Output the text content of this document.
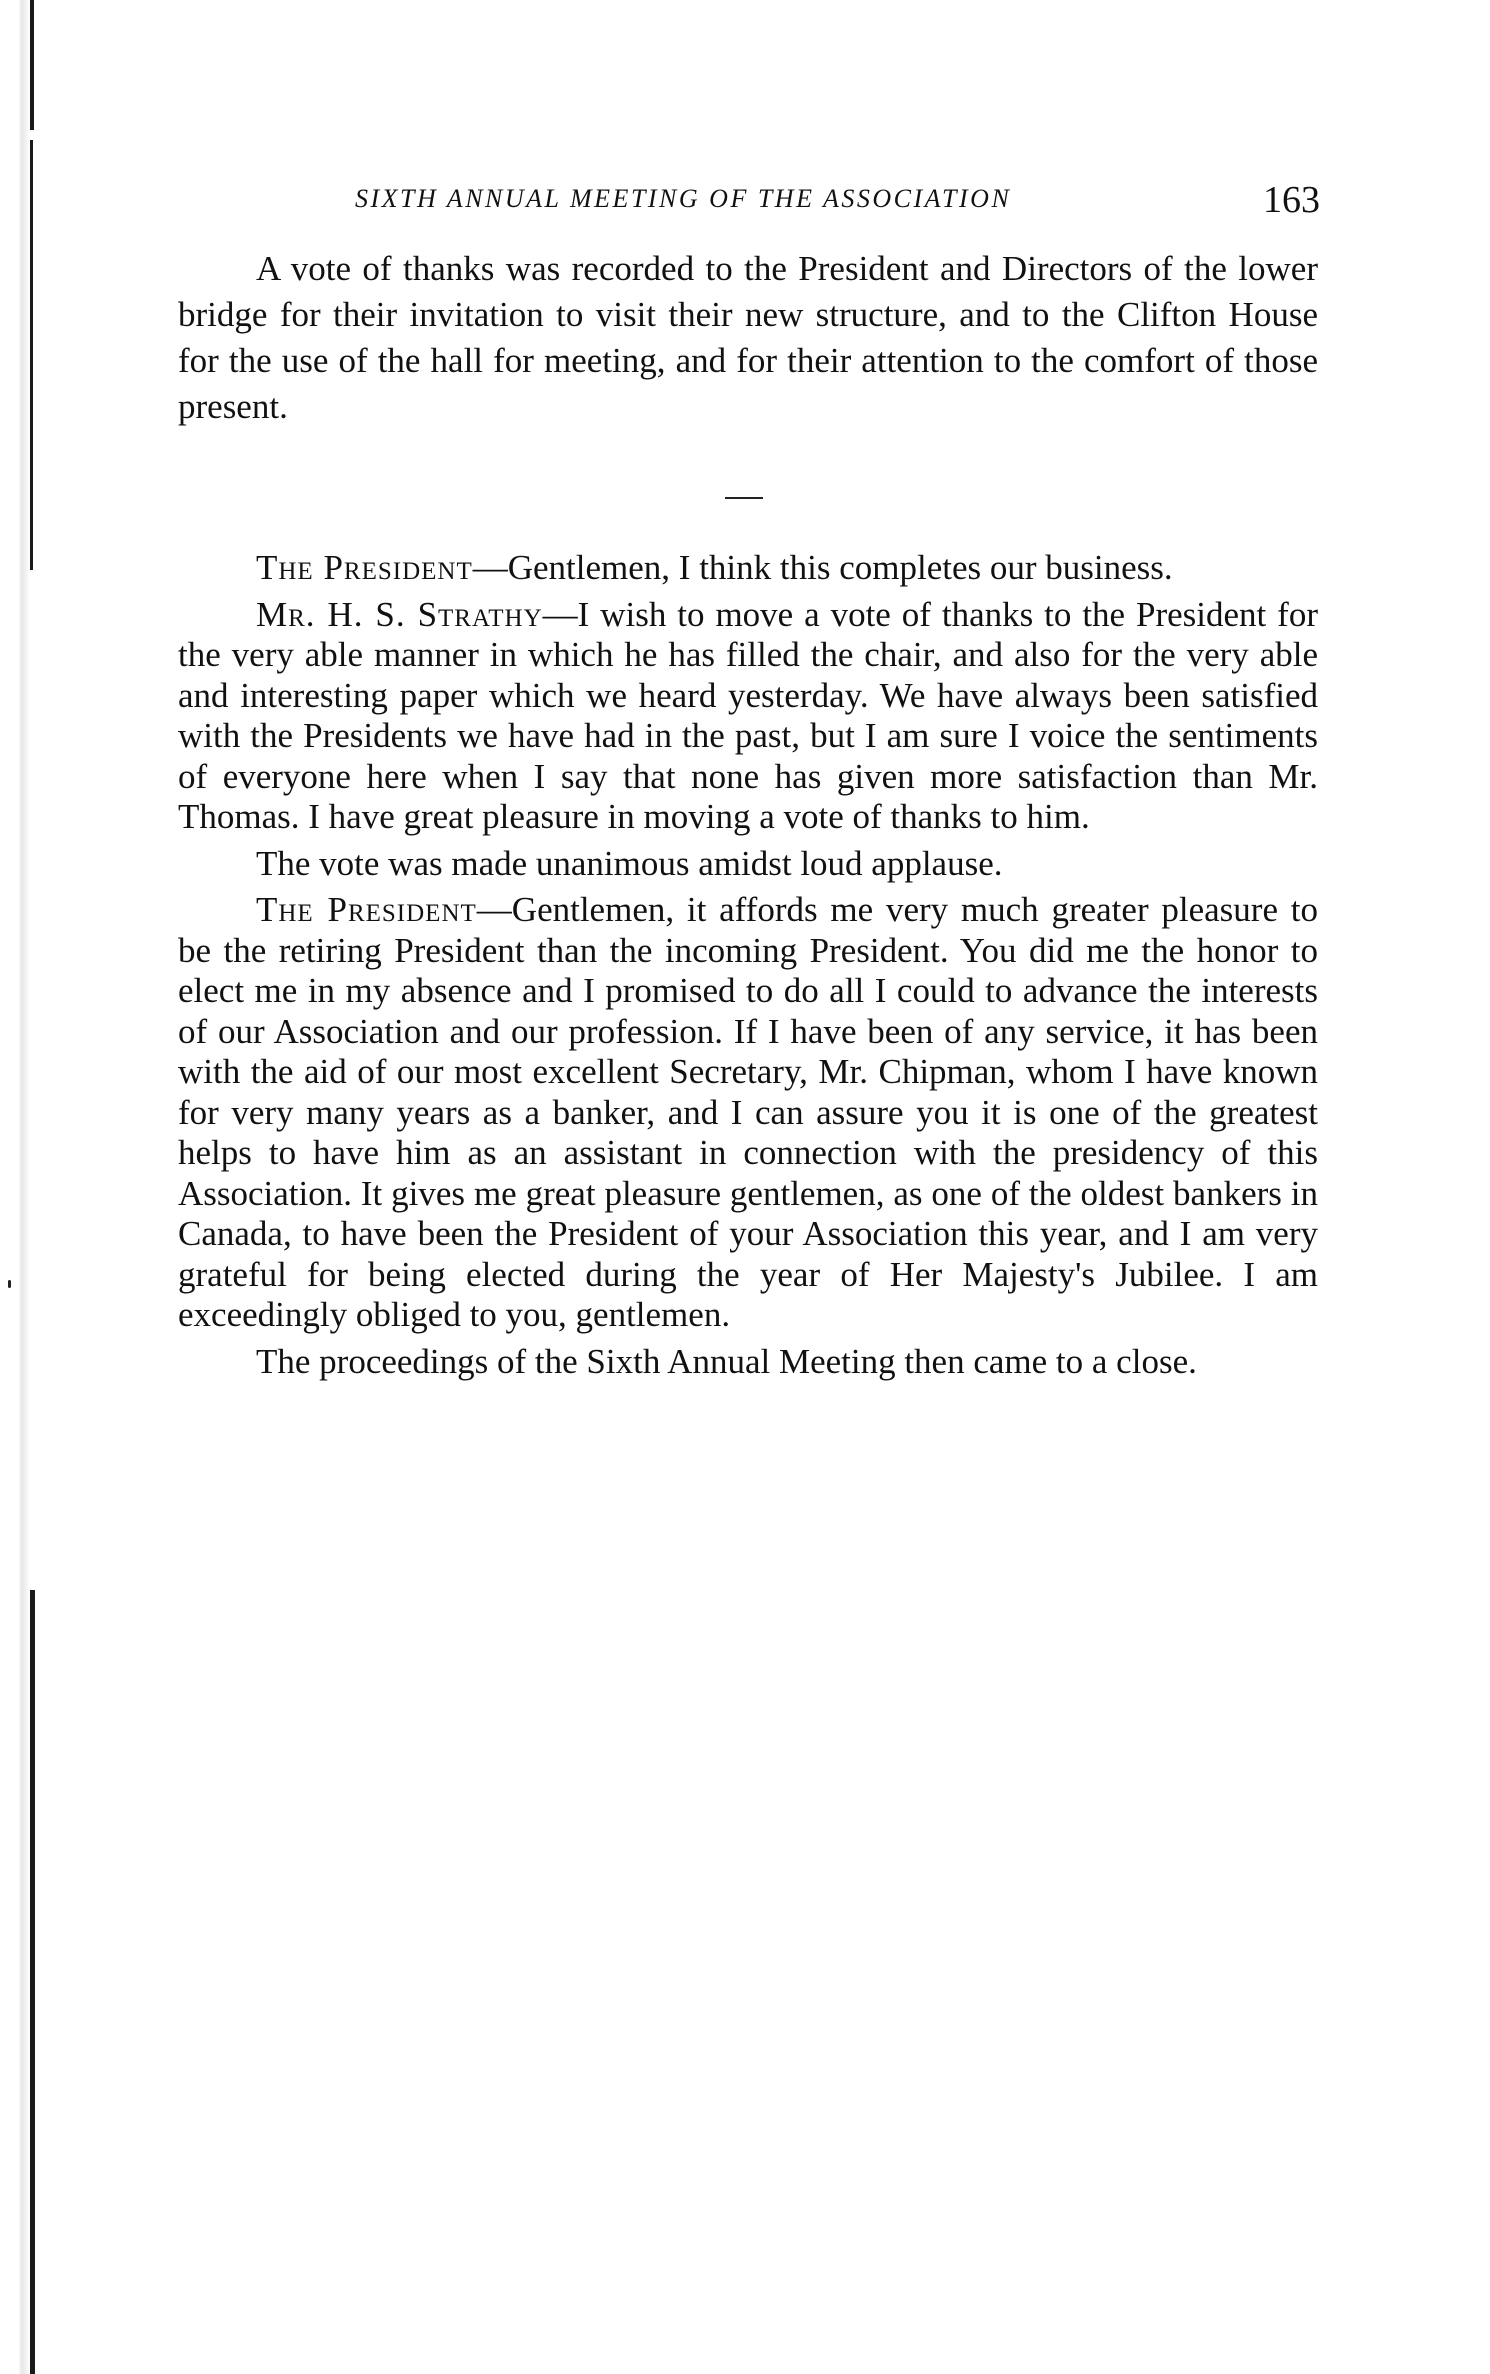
SIXTH ANNUAL MEETING OF THE ASSOCIATION	163

A vote of thanks was recorded to the President and Directors of the lower bridge for their invitation to visit their new structure, and to the Clifton House for the use of the hall for meeting, and for their attention to the comfort of those present.

The President—Gentlemen, I think this completes our business.

Mr. H. S. Strathy—I wish to move a vote of thanks to the President for the very able manner in which he has filled the chair, and also for the very able and interesting paper which we heard yesterday. We have always been satisfied with the Presidents we have had in the past, but I am sure I voice the sentiments of everyone here when I say that none has given more satisfaction than Mr. Thomas. I have great pleasure in moving a vote of thanks to him.

The vote was made unanimous amidst loud applause.

The President—Gentlemen, it affords me very much greater pleasure to be the retiring President than the incoming President. You did me the honor to elect me in my absence and I promised to do all I could to advance the interests of our Association and our profession. If I have been of any service, it has been with the aid of our most excellent Secretary, Mr. Chipman, whom I have known for very many years as a banker, and I can assure you it is one of the greatest helps to have him as an assistant in connection with the presidency of this Association. It gives me great pleasure gentlemen, as one of the oldest bankers in Canada, to have been the President of your Association this year, and I am very grateful for being elected during the year of Her Majesty's Jubilee. I am exceedingly obliged to you, gentlemen.

The proceedings of the Sixth Annual Meeting then came to a close.
